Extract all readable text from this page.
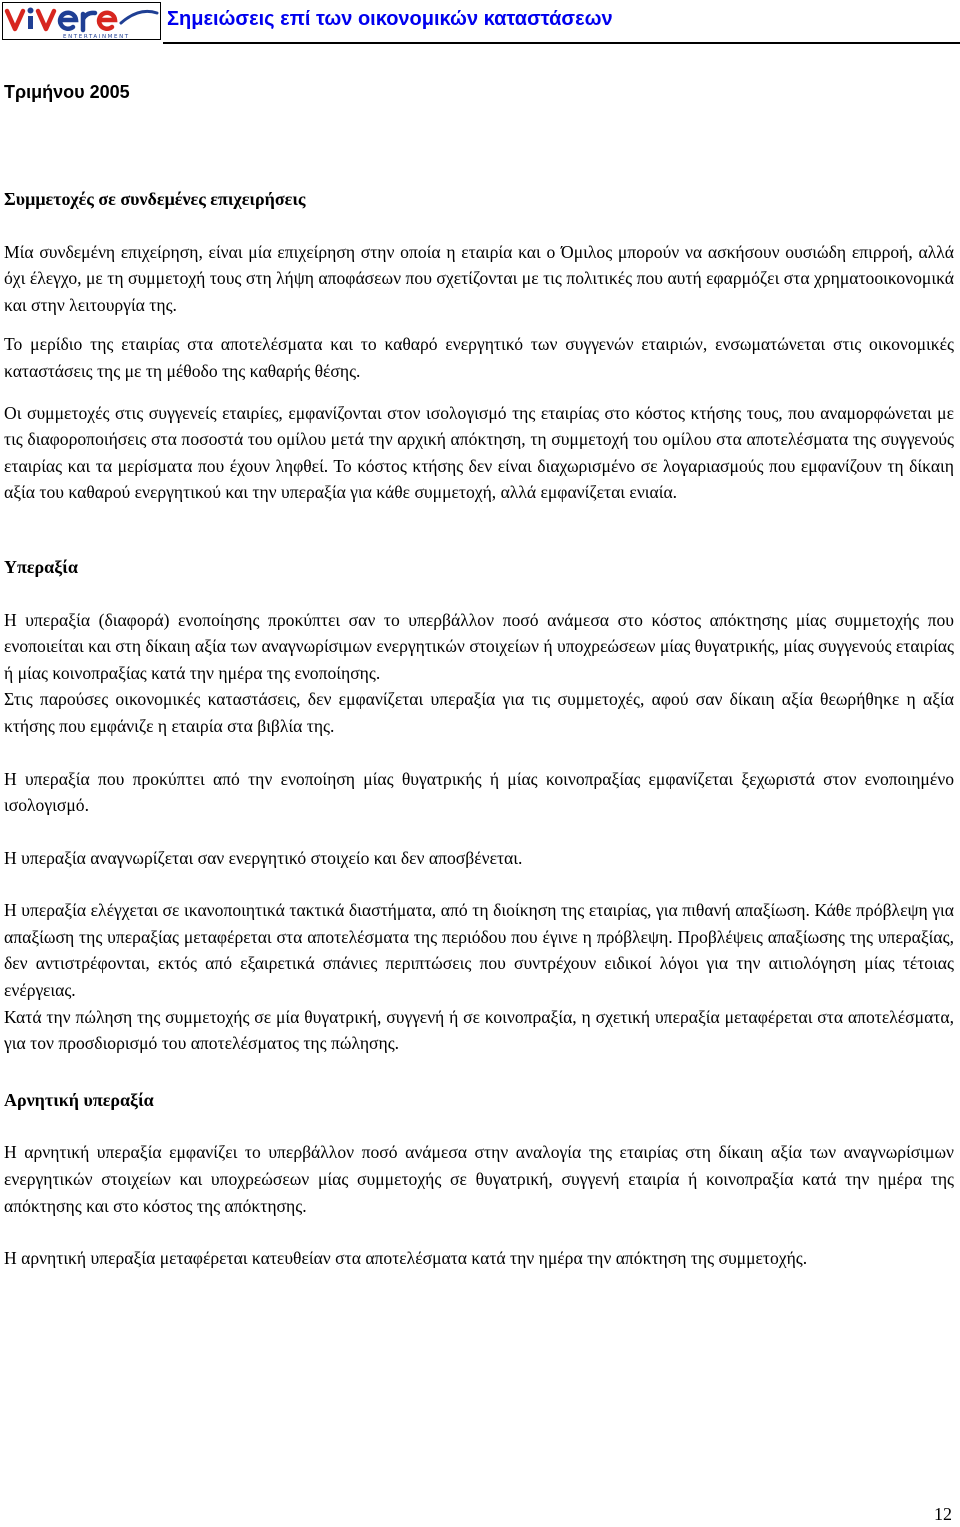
ENTERTAINMENT
Σημειώσεις επί των οικονομικών καταστάσεων
Τριμήνου 2005

Συμμετοχές σε συνδεμένες επιχειρήσεις

Μία συνδεμένη επιχείρηση, είναι μία επιχείρηση στην οποία η εταιρία και ο Όμιλος μπορούν να ασκήσουν ουσιώδη επιρροή, αλλά όχι έλεγχο, με τη συμμετοχή τους στη λήψη αποφάσεων που σχετίζονται με τις πολιτικές που αυτή εφαρμόζει στα χρηματοοικονομικά και στην λειτουργία της.

Το μερίδιο της εταιρίας στα αποτελέσματα και το καθαρό ενεργητικό των συγγενών εταιριών, ενσωματώνεται στις οικονομικές καταστάσεις της με τη μέθοδο της καθαρής θέσης.

Οι συμμετοχές στις συγγενείς εταιρίες, εμφανίζονται στον ισολογισμό της εταιρίας στο κόστος κτήσης τους, που αναμορφώνεται με τις διαφοροποιήσεις στα ποσοστά του ομίλου μετά την αρχική απόκτηση, τη συμμετοχή του ομίλου στα αποτελέσματα της συγγενούς εταιρίας και τα μερίσματα που έχουν ληφθεί. Το κόστος κτήσης δεν είναι διαχωρισμένο σε λογαριασμούς που εμφανίζουν τη δίκαιη αξία του καθαρού ενεργητικού και την υπεραξία για κάθε συμμετοχή, αλλά εμφανίζεται ενιαία.

Υπεραξία

Η υπεραξία (διαφορά) ενοποίησης προκύπτει σαν το υπερβάλλον ποσό ανάμεσα στο κόστος απόκτησης μίας συμμετοχής που ενοποιείται και στη δίκαιη αξία των αναγνωρίσιμων ενεργητικών στοιχείων ή υποχρεώσεων μίας θυγατρικής, μίας συγγενούς εταιρίας ή μίας κοινοπραξίας κατά την ημέρα της ενοποίησης.

Στις παρούσες οικονομικές καταστάσεις, δεν εμφανίζεται υπεραξία για τις συμμετοχές, αφού σαν δίκαιη αξία θεωρήθηκε η αξία κτήσης που εμφάνιζε η εταιρία στα βιβλία της.

Η υπεραξία που προκύπτει από την ενοποίηση μίας θυγατρικής ή μίας κοινοπραξίας εμφανίζεται ξεχωριστά στον ενοποιημένο ισολογισμό.

Η υπεραξία αναγνωρίζεται σαν ενεργητικό στοιχείο και δεν αποσβένεται.

Η υπεραξία ελέγχεται σε ικανοποιητικά τακτικά διαστήματα, από τη διοίκηση της εταιρίας, για πιθανή απαξίωση. Κάθε πρόβλεψη για απαξίωση της υπεραξίας μεταφέρεται στα αποτελέσματα της περιόδου που έγινε η πρόβλεψη. Προβλέψεις απαξίωσης της υπεραξίας, δεν αντιστρέφονται, εκτός από εξαιρετικά σπάνιες περιπτώσεις που συντρέχουν ειδικοί λόγοι για την αιτιολόγηση μίας τέτοιας ενέργειας.

Κατά την πώληση της συμμετοχής σε μία θυγατρική, συγγενή ή σε κοινοπραξία, η σχετική υπεραξία μεταφέρεται στα αποτελέσματα, για τον προσδιορισμό του αποτελέσματος της πώλησης.

Αρνητική υπεραξία

Η αρνητική υπεραξία εμφανίζει το υπερβάλλον ποσό ανάμεσα στην αναλογία της εταιρίας στη δίκαιη αξία των αναγνωρίσιμων ενεργητικών στοιχείων και υποχρεώσεων μίας συμμετοχής σε θυγατρική, συγγενή εταιρία ή κοινοπραξία κατά την ημέρα της απόκτησης και στο κόστος της απόκτησης.

Η αρνητική υπεραξία μεταφέρεται κατευθείαν στα αποτελέσματα κατά την ημέρα την απόκτηση της συμμετοχής.

12
